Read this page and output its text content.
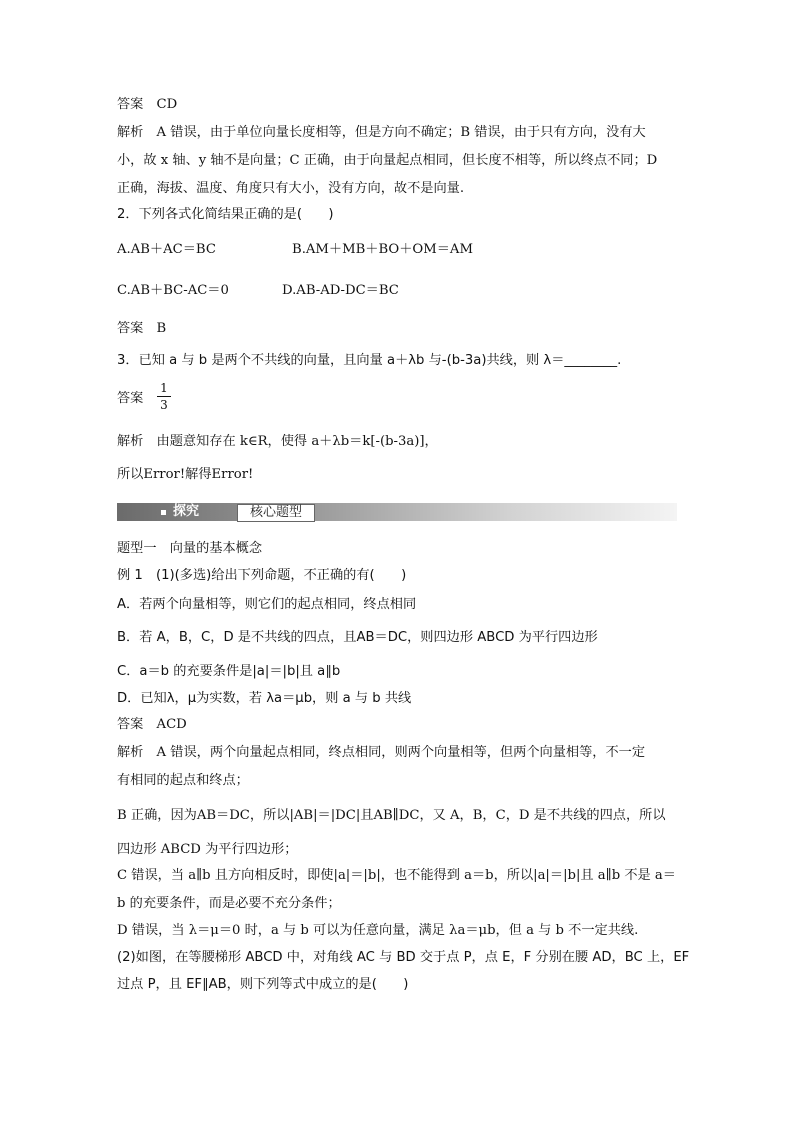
答案　CD
解析　A 错误，由于单位向量长度相等，但是方向不确定；B 错误，由于只有方向，没有大
小，故 x 轴、y 轴不是向量；C 正确，由于向量起点相同，但长度不相等，所以终点不同；D
正确，海拔、温度、角度只有大小，没有方向，故不是向量.
2．下列各式化简结果正确的是(　　)
A.AB＋AC＝BC	B.AM＋MB＋BO＋OM＝AM
C.AB＋BC-AC＝0	D.AB-AD-DC＝BC
答案　B
3．已知 a 与 b 是两个不共线的向量，且向量 a＋λb 与-(b-3a)共线，则 λ＝________.
答案 $\frac{1}{3}$
解析　由题意知存在 k∈R，使得 a＋λb＝k[-(b-3a)]，
所以Error!解得Error!
探究	核心题型
题型一　向量的基本概念
例 1　(1)(多选)给出下列命题，不正确的有(　　)
A．若两个向量相等，则它们的起点相同，终点相同
B．若 A，B，C，D 是不共线的四点，且AB＝DC，则四边形 ABCD 为平行四边形
C．a＝b 的充要条件是|a|＝|b|且 a∥b
D．已知λ，μ为实数，若 λa＝μb，则 a 与 b 共线
答案　ACD
解析　A 错误，两个向量起点相同，终点相同，则两个向量相等，但两个向量相等，不一定
有相同的起点和终点；
B 正确，因为AB＝DC，所以|AB|＝|DC|且AB∥DC，又 A，B，C，D 是不共线的四点，所以
四边形 ABCD 为平行四边形；
C 错误，当 a∥b 且方向相反时，即使|a|＝|b|，也不能得到 a＝b，所以|a|＝|b|且 a∥b 不是 a＝
b 的充要条件，而是必要不充分条件；
D 错误，当 λ＝μ＝0 时，a 与 b 可以为任意向量，满足 λa＝μb，但 a 与 b 不一定共线.
(2)如图，在等腰梯形 ABCD 中，对角线 AC 与 BD 交于点 P，点 E，F 分别在腰 AD，BC 上，EF
过点 P，且 EF∥AB，则下列等式中成立的是(　　)
